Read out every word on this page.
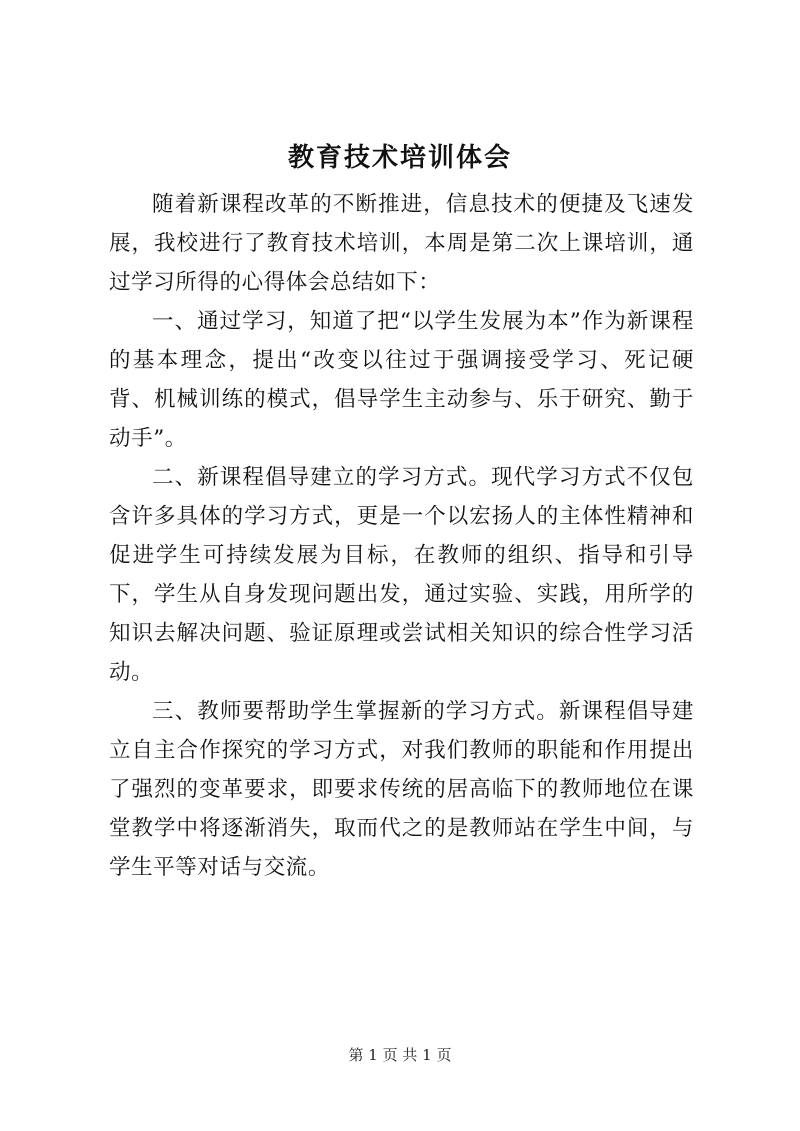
教育技术培训体会

随着新课程改革的不断推进，信息技术的便捷及飞速发展，我校进行了教育技术培训，本周是第二次上课培训，通过学习所得的心得体会总结如下：

一、通过学习，知道了把“以学生发展为本”作为新课程的基本理念，提出“改变以往过于强调接受学习、死记硬背、机械训练的模式，倡导学生主动参与、乐于研究、勤于动手”。

二、新课程倡导建立的学习方式。现代学习方式不仅包含许多具体的学习方式，更是一个以宏扬人的主体性精神和促进学生可持续发展为目标，在教师的组织、指导和引导下，学生从自身发现问题出发，通过实验、实践，用所学的知识去解决问题、验证原理或尝试相关知识的综合性学习活动。

三、教师要帮助学生掌握新的学习方式。新课程倡导建立自主合作探究的学习方式，对我们教师的职能和作用提出了强烈的变革要求，即要求传统的居高临下的教师地位在课堂教学中将逐渐消失，取而代之的是教师站在学生中间，与学生平等对话与交流。

第 1 页 共 1 页
